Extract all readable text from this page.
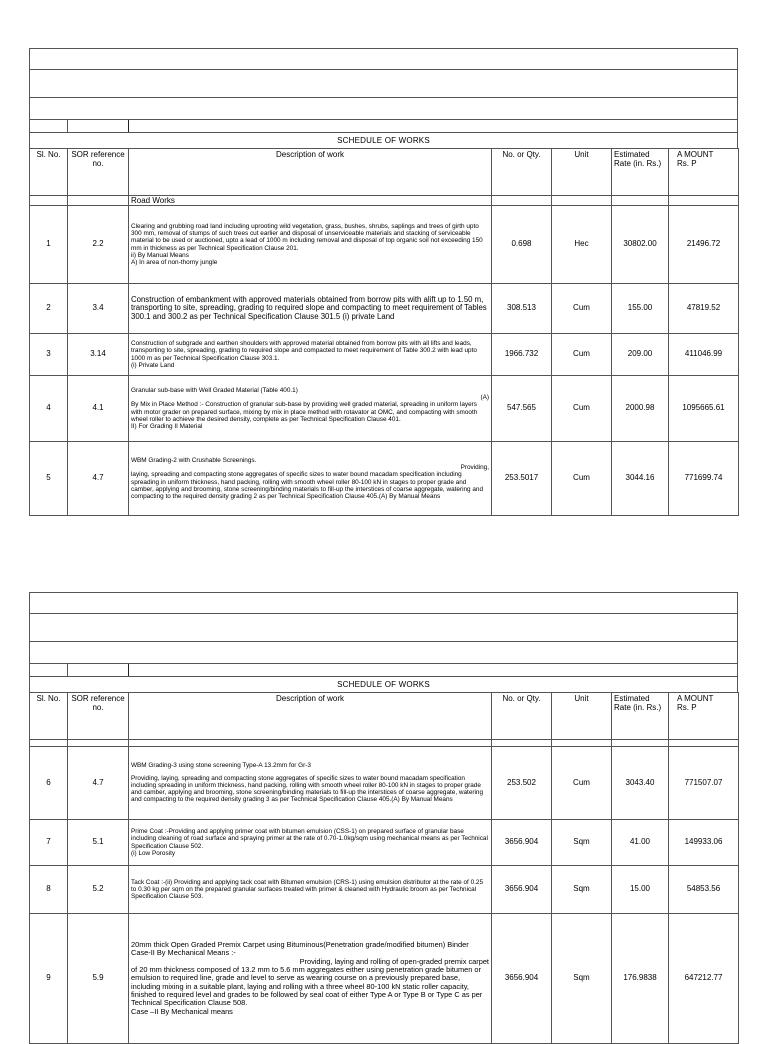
SCHEDULE OF WORKS
Sl. No.	SOR reference no.	Description of work	No. or Qty.	Unit	Estimated Rate (in. Rs.)	A MOUNT
Rs. P

		Road Works				
1	2.2	Clearing and grubbing road land including uprooting wild vegetation, grass, bushes, shrubs, saplings and trees of girth upto 300 mm, removal of stumps of such trees cut earlier and disposal of unserviceable materials and stacking of serviceable material to be used or auctioned, upto a lead of 1000 m including removal and disposal of top organic soil not exceeding 150 mm in thickness as per Technical Specification Clause 201.

ii) By Manual Means

A) In area of non-thorny jungle	0.698	Hec	30802.00	21496.72
2	3.4	Construction of embankment with approved materials obtained from borrow pits with alift up to 1.50 m, transporting to site, spreading, grading to required slope and compacting to meet requirement of Tables 300.1 and 300.2 as per Technical Specification Clause 301.5 (i) private Land	308.513	Cum	155.00	47819.52
3	3.14	Construction of subgrade and earthen shoulders with approved material obtained from borrow pits with all lifts and leads, transporting to site, spreading, grading to required slope and compacted to meet requirement of Table 300.2 with lead upto 1000 m as per Technical Specification Clause 303.1.

(i) Private Land	1966.732	Cum	209.00	411046.99
4	4.1	Granular sub-base with Well Graded Material (Table 400.1)

(A)

By Mix in Place Method :- Construction of granular sub-base by providing well graded material, spreading in uniform layers with motor grader on prepared surface, mixing by mix in place method with rotavator at OMC, and compacting with smooth wheel roller to achieve the desired density, complete as per Technical Specification Clause 401.

II) For Grading II Material	547.565	Cum	2000.98	1095665.61
5	4.7	WBM Grading-2 with Crushable Screenings.

Providing,

laying, spreading and compacting stone aggregates of specific sizes to water bound macadam specification including spreading in uniform thickness, hand packing, rolling with smooth wheel roller 80-100 kN in stages to proper grade and camber, applying and brooming, stone screening/binding materials to fill-up the interstices of coarse aggregate, watering and compacting to the required density grading 2 as per Technical Specification Clause 405.(A) By Manual Means	253.5017	Cum	3044.16	771699.74
SCHEDULE OF WORKS
Sl. No.	SOR reference no.	Description of work	No. or Qty.	Unit	Estimated Rate (in. Rs.)	A MOUNT
Rs. P

6	4.7	WBM Grading-3 using stone screening Type-A 13.2mm for Gr-3

Providing, laying, spreading and compacting stone aggregates of specific sizes to water bound macadam specification including spreading in uniform thickness, hand packing, rolling with smooth wheel roller 80-100 kN in stages to proper grade and camber, applying and brooming, stone screening/binding materials to fill-up the interstices of coarse aggregate, watering and compacting to the required density grading 3 as per Technical Specification Clause 405.(A) By Manual Means	253.502	Cum	3043.40	771507.07
7	5.1	Prime Coat :-Providing and applying primer coat with bitumen emulsion (CSS-1) on prepared surface of granular base including cleaning of road surface and spraying primer at the rate of 0.70-1.0kg/sqm using mechanical means as per Technical Specification Clause 502.

(i) Low Porosity	3656.904	Sqm	41.00	149933.06
8	5.2	Tack Coat :-(ii) Providing and applying tack coat with Bitumen emulsion (CRS-1) using emulsion distributor at the rate of 0.25 to 0.30 kg per sqm on the prepared granular surfaces treated with primer & cleaned with Hydraulic broom as per Technical Specification Clause 503.	3656.904	Sqm	15.00	54853.56
9	5.9	20mm thick Open Graded Premix Carpet using Bituminous(Penetration grade/modified bitumen) Binder Case-II By Mechanical Means :-

Providing, laying and rolling of open-graded premix carpet

of 20 mm thickness composed of 13.2 mm to 5.6 mm aggregates either using penetration grade bitumen or emulsion to required line, grade and level to serve as wearing course on a previously prepared base, including mixing in a suitable plant, laying and rolling with a three wheel 80-100 kN static roller capacity, finished to required level and grades to be followed by seal coat of either Type A or Type B or Type C as per Technical Specification Clause 508.

Case –II By Mechanical means	3656.904	Sqm	176.9838	647212.77
